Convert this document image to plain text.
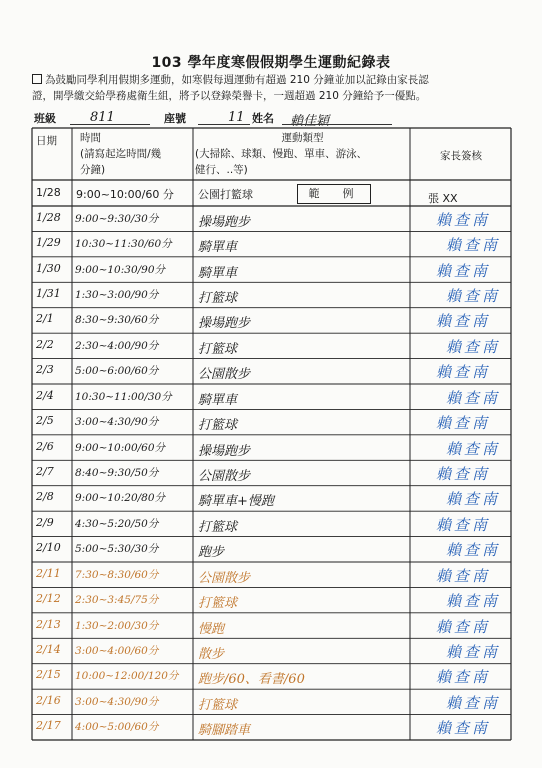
103 學年度寒假假期學生運動紀錄表
為鼓勵同學利用假期多運動，如寒假每週運動有超過 210 分鐘並加以記錄由家長認
證，開學繳交給學務處衛生組，將予以登錄榮譽卡，一週超過 210 分鐘給予一優點。
班級	811	座號	11 姓名 賴佳穎
日期 時間
(請寫起迄時間/幾
分鐘)
運動類型
(大掃除、球類、慢跑、單車、游泳、
健行、..等)
家長簽核
1/28 9:00~10:00/60 分 公園打籃球	範　例	張 XX
1/28 9:00~9:30/30分	操場跑步	賴查南
1/29 10:30~11:30/60分 騎單車	賴查南
1/30 9:00~10:30/90分	騎單車	賴查南
1/31 1:30~3:00/90分	打籃球	賴查南
2/1 8:30~9:30/60分	操場跑步	賴查南
2/2 2:30~4:00/90分	打籃球	賴查南
2/3 5:00~6:00/60分	公園散步	賴查南
2/4 10:30~11:00/30分 騎單車	賴查南
2/5 3:00~4:30/90分	打籃球	賴查南
2/6 9:00~10:00/60分	操場跑步	賴查南
2/7 8:40~9:30/50分	公園散步	賴查南
2/8 9:00~10:20/80分	騎單車+慢跑	賴查南
2/9 4:30~5:20/50分	打籃球	賴查南
2/10 5:00~5:30/30分	跑步	賴查南
2/11 7:30~8:30/60分	公園散步	賴查南
2/12 2:30~3:45/75分	打籃球	賴查南
2/13 1:30~2:00/30分	慢跑	賴查南
2/14 3:00~4:00/60分	散步	賴查南
2/15 10:00~12:00/120分 跑步/60、看書/60	賴查南
2/16 3:00~4:30/90分	打籃球	賴查南
2/17 4:00~5:00/60分	騎腳踏車	賴查南
